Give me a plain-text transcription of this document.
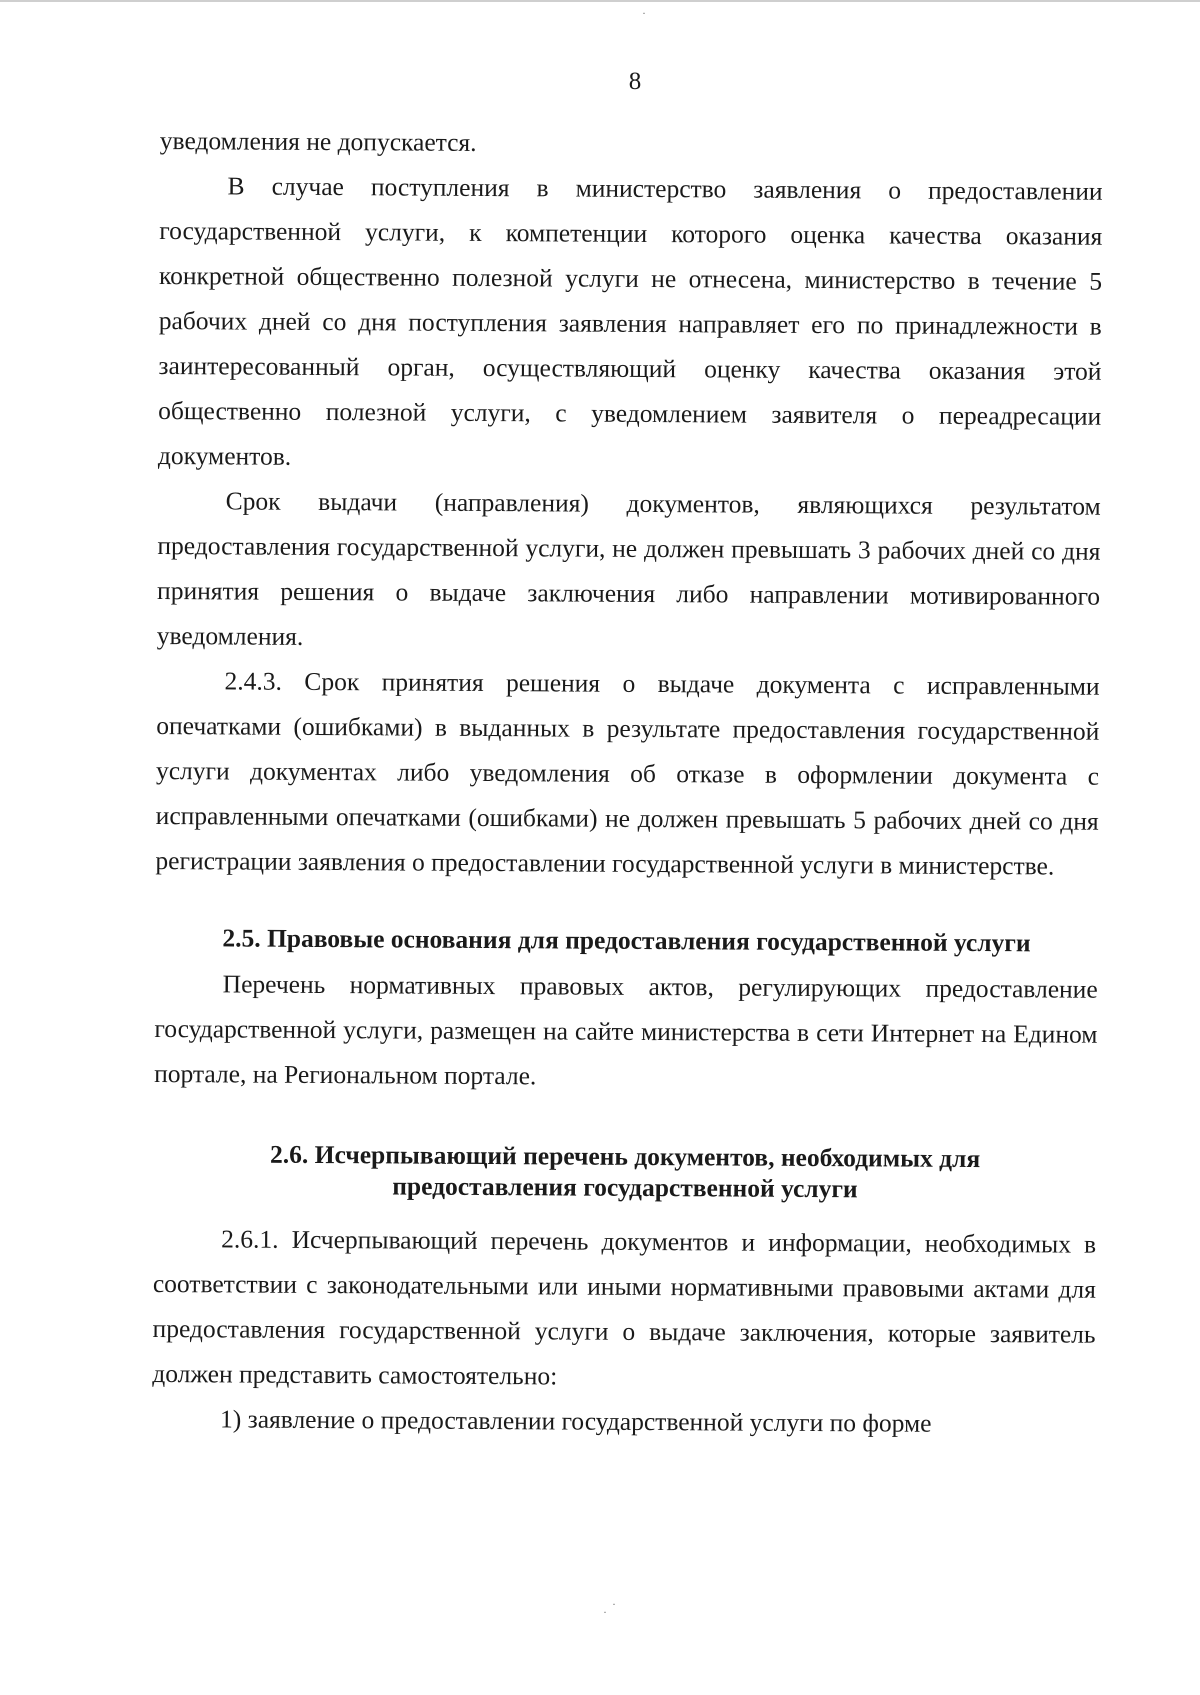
8

уведомления не допускается.

В случае поступления в министерство заявления о предоставлении государственной услуги, к компетенции которого оценка качества оказания конкретной общественно полезной услуги не отнесена, министерство в течение 5 рабочих дней со дня поступления заявления направляет его по принадлежности в заинтересованный орган, осуществляющий оценку качества оказания этой общественно полезной услуги, с уведомлением заявителя о переадресации документов.

Срок выдачи (направления) документов, являющихся результатом предоставления государственной услуги, не должен превышать 3 рабочих дней со дня принятия решения о выдаче заключения либо направлении мотивированного уведомления.

2.4.3. Срок принятия решения о выдаче документа с исправленными опечатками (ошибками) в выданных в результате предоставления государственной услуги документах либо уведомления об отказе в оформлении документа с исправленными опечатками (ошибками) не должен превышать 5 рабочих дней со дня регистрации заявления о предоставлении государственной услуги в министерстве.

2.5. Правовые основания для предоставления государственной услуги

Перечень нормативных правовых актов, регулирующих предоставление государственной услуги, размещен на сайте министерства в сети Интернет на Едином портале, на Региональном портале.

2.6. Исчерпывающий перечень документов, необходимых для
предоставления государственной услуги

2.6.1. Исчерпывающий перечень документов и информации, необходимых в соответствии с законодательными или иными нормативными правовыми актами для предоставления государственной услуги о выдаче заключения, которые заявитель должен представить самостоятельно:

1) заявление о предоставлении государственной услуги по форме

·
·
·
